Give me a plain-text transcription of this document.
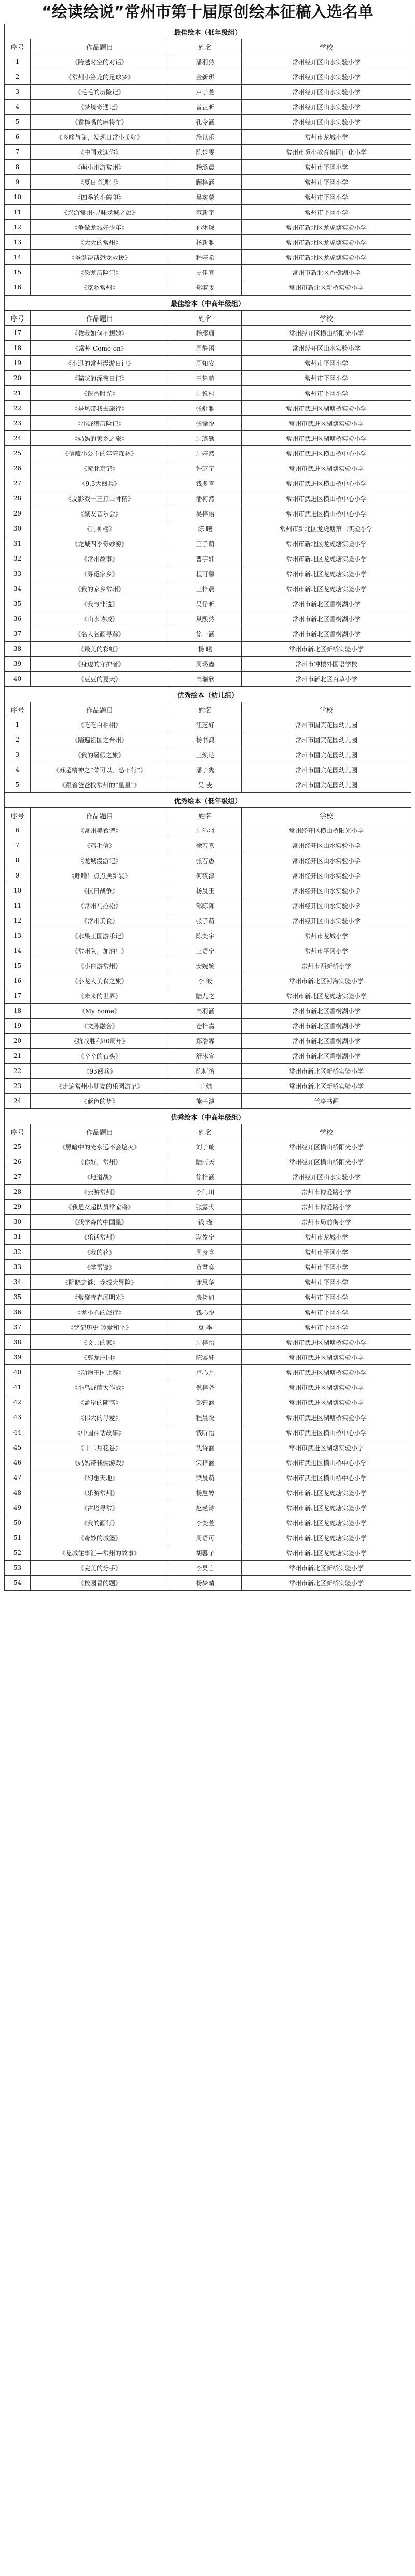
“绘读绘说”常州市第十届原创绘本征稿入选名单
最佳绘本（低年级组）			
序号	作品题目	姓名	学校
1	《跨越时空的对话》	潘羽然	常州经开区山水实验小学
2	《常州小洛龙的足球梦》	金新琪	常州经开区山水实验小学
3	《毛毛的历险记》	卢子萱	常州经开区山水实验小学
4	《梦境奇遇记》	曾芷昕	常州经开区山水实验小学
5	《香樟嘴的麻将车》	孔令涵	常州经开区山水实验小学
6	《哆哆与兔，发现日常小美好》	施以乐	常州市龙城小学
7	《中国欢迎你》	陈楚雯	常州市觅小教育集团广化小学
8	《萌小州游常州》	杨璐晨	常州市平冈小学
9	《夏日奇遇记》	顾梓涵	常州市平冈小学
10	《四季的小蘑印》	吴奕蒙	常州市平冈小学
11	《兴游常州·寻味龙城之旅》	范新宇	常州市平冈小学
12	《争做龙城好少年》	孙沐琛	常州市新北区龙虎塘实验小学
13	《大大的常州》	杨新雅	常州市新北区龙虎塘实验小学
14	《圣诞帮帮恐龙救援》	程婷希	常州市新北区龙虎塘实验小学
15	《恐龙历险记》	史佳宜	常州市新北区香樹湖小学
16	《家乡常州》	郑淑雯	常州市新北区新桥实验小学
最佳绘本（中高年级组）			
序号	作品题目	姓名	学校
17	《教我如何不想她》	杨璎珊	常州经开区横山桥阳光小学
18	《常州 Come on》	周静语	常州经开区山水实验小学
19	《小迅的常州漫游日记》	周知安	常州市平冈小学
20	《猫咪的深夜日记》	王隽暄	常州市平冈小学
21	《银杏时光》	周悦桐	常州市平冈小学
22	《是风带我去旅行》	张舒雅	常州市武进区湖塘桥实验小学
23	《小野猪历险记》	张愉悦	常州市武进区湖塘实验小学
24	《奶妈的家乡之旅》	周璐勤	常州市武进区湖塘桥实验小学
25	《信藏小公主的年守森林》	周婷然	常州市武进区横山桥中心小学
26	《游北京记》	许芝宁	常州市武进区湖塘实验小学
27	《9.3大阅兵》	钱多言	常州市武进区横山桥中心小学
28	《皮影戏一三打白骨精》	潘柯然	常州市武进区横山桥中心小学
29	《聚友音乐会》	吴梓语	常州市武进区横山桥中心小学
30	《封神榜》	陈 曦	常州市新北区龙虎塘第二实验小学
31	《龙城四季奇妙游》	王子萌	常州市新北区龙虎塘实验小学
32	《常州故事》	曹宇轩	常州市新北区龙虎塘实验小学
33	《寻觅家乡》	程可馨	常州市新北区龙虎塘实验小学
34	《我的家乡常州》	王梓晨	常州市新北区龙虎塘实验小学
35	《我与非遗》	吴仔昕	常州市新北区香樹湖小学
36	《山水诗城》	巢熙然	常州市新北区香樹湖小学
37	《名人名画寻踪》	徐一涵	常州市新北区香樹湖小学
38	《最美的彩虹》	杨 曦	常州市新北区新桥实验小学
39	《身边的守护者》	周璐鑫	常州市钟楼外国语学校
40	《豆豆的夏天》	高瑞欣	常州市新北区百草小学
优秀绘本（幼儿组）			
序号	作品题目	姓名	学校
1	《吃吃白相相》	汪芝好	常州市国宾花园幼儿园
2	《踏遍祖国之台州》	杨书鸿	常州市国宾花园幼儿园
3	《我的暑假之旅》	王焕达	常州市国宾花园幼儿园
4	《苏超精神之“菜可以，怂不行”》	潘子隽	常州市国宾花园幼儿园
5	《跟着爸爸找常州的“星星”》	吴 麦	常州市国宾花园幼儿园
优秀绘本（低年级组）			
序号	作品题目	姓名	学校
6	《常州美食谱》	周沁羽	常州经开区横山桥阳光小学
7	《鸡毛信》	徐若嘉	常州经开区山水实验小学
8	《龙城漫游记》	张若愚	常州经开区山水实验小学
9	《呼噜！点点换新装》	何筱淳	常州经开区山水实验小学
10	《抗日战争》	杨晨玉	常州经开区山水实验小学
11	《常州马拉松》	邹陈陈	常州经开区山水实验小学
12	《常州美食》	张子萌	常州经开区山水实验小学
13	《水果王国游乐记》	陈奕宇	常州市龙城小学
14	《常州队，加油！》	王语宁	常州市平冈小学
15	《小白游常州》	安婉婉	常州市西新桥小学
16	《小龙人美食之旅》	李 筱	常州市新北区河海实验小学
17	《未来的世界》	陆九之	常州市新北区龙虎塘实验小学
18	《My home》	高羽涵	常州市新北区香樹湖小学
19	《文脉融合》	仓梓嘉	常州市新北区香樹湖小学
20	《抗战胜利80周年》	郑浩霖	常州市新北区香樹湖小学
21	《辛辛的石头》	舒沐宣	常州市新北区香樹湖小学
22	《93阅兵》	陈柯怡	常州市新北区新桥实验小学
23	《走遍常州小朋友的乐园游记》	丁 炜	常州市新北区新桥实验小学
24	《蓝色的梦》	熊子溥	兰亭书画
优秀绘本（中高年级组）			
序号	作品题目	姓名	学校
25	《黑暗中的光永远不会熄灭》	刘子璇	常州经开区横山桥阳光小学
26	《你好，常州》	陆雨天	常州经开区横山桥阳光小学
27	《地道战》	徐梓涵	常州经开区山水实验小学
28	《云游常州》	李门川	常州市博爱路小学
29	《我是女超队员常家将》	张露弋	常州市博爱路小学
30	《找学森的中国星》	钱 瑾	常州市局前街小学
31	《乐话常州》	耿俊宁	常州市龙城小学
32	《我的花》	周彦含	常州市平冈小学
33	《学雷锋》	黄君奕	常州市平冈小学
34	《阴晓之谜：龙城大冒险》	谢思华	常州市平冈小学
35	《常聚青春展明光》	房树如	常州市平冈小学
36	《龙小心的旅行》	钱心悦	常州市平冈小学
37	《铭记历史 珍爱和平》	夏 季	常州市平冈小学
38	《文具的家》	周梓怡	常州市武进区湖塘桥实验小学
39	《尊龙庄园》	陈睿轩	常州市武进区湖塘实验小学
40	《动物王国比赛》	卢心月	常州市武进区湖塘桥实验小学
41	《小鸟野菌大作战》	倪梓尧	常州市武进区湖塘实验小学
42	《孟岸的随笔》	邹钰涵	常州市武进区湖塘实验小学
43	《伟大的母爱》	程晨悦	常州市武进区湖塘桥实验小学
44	《中国神话故事》	钱昕怡	常州市武进区横山桥中心小学
45	《十二月花卷》	沈诗涵	常州市武进区湖塘实验小学
46	《妈妈带我俩游戏》	宋梓涵	常州市武进区横山桥中心小学
47	《幻想天地》	梁晨萌	常州市武进区横山桥中心小学
48	《乐游常州》	杨慧婷	常州市新北区龙虎塘实验小学
49	《古塔寻常》	赵瑾诗	常州市新北区龙虎塘实验小学
50	《我的画行》	李奕萱	常州市新北区龙虎塘实验小学
51	《奇妙的城堡》	周语可	常州市新北区龙虎塘实验小学
52	《龙城往事汇—常州的故事》	胡馨子	常州市新北区龙虎塘实验小学
53	《完美的分手》	李昊言	常州市新北区新桥实验小学
54	《校园冒的题》	杨梦晴	常州市新北区新桥实验小学
